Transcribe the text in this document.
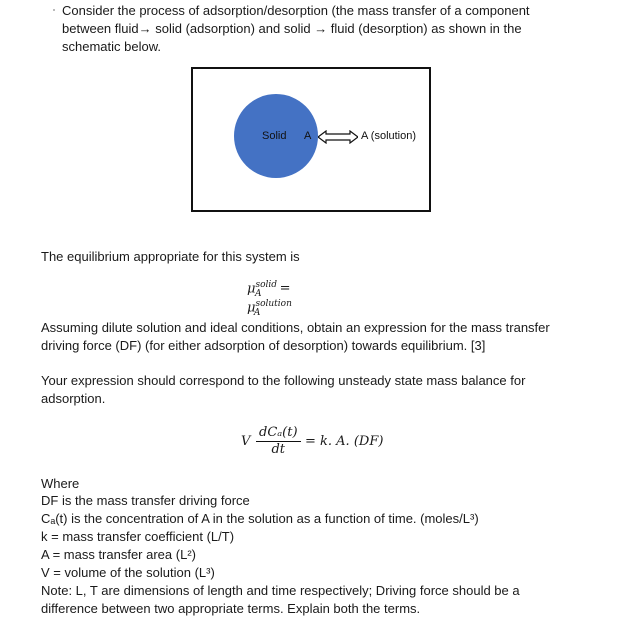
Consider the process of adsorption/desorption (the mass transfer of a component
between fluid→ solid (adsorption) and solid → fluid (desorption) as shown in the
schematic below.
Solid A	A (solution)
The equilibrium appropriate for this system is
$\mu^{solid}_A = \mu^{solution}_A$
Assuming dilute solution and ideal conditions, obtain an expression for the mass transfer
driving force (DF) (for either adsorption of desorption) towards equilibrium. [3]
Your expression should correspond to the following unsteady state mass balance for
adsorption.
V
dCₐ(t)
dt
= k. A. (DF)
Where
DF is the mass transfer driving force
Cₐ(t) is the concentration of A in the solution as a function of time. (moles/L³)
k = mass transfer coefficient (L/T)
A = mass transfer area (L²)
V = volume of the solution (L³)
Note: L, T are dimensions of length and time respectively; Driving force should be a
difference between two appropriate terms. Explain both the terms.
